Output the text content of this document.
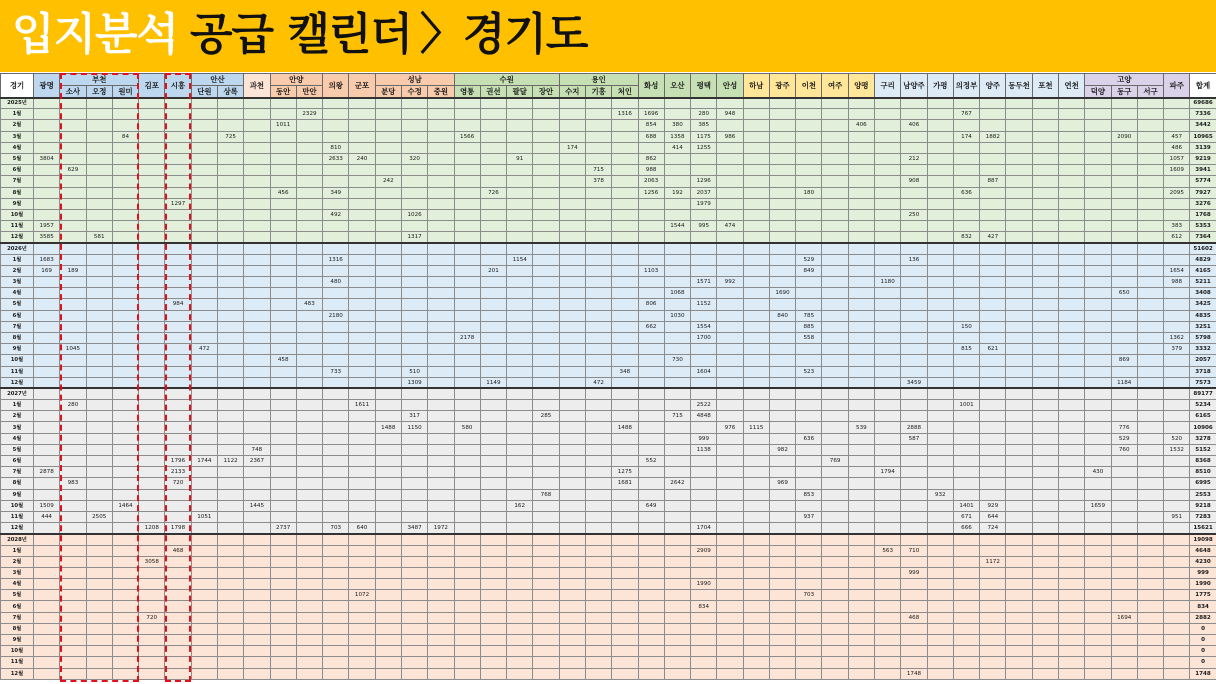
입지분석 공급 캘린더 〉경기도
경기	광명	부천			김포	시흥	안산		과천	안양		의왕	군포	성남			수원				용인			화성	오산	평택	안성	하남	광주	이천	여주	양평	구리	남양주	가평	의정부	양주	동두천	포천	연천	고양			파주	합계
		소사	오정	원미			단원	상록		동안	만안			분당	수정	중원	영통	권선	팔달	장안	수지	기흥	처인																		덕양	동구	서구		
2025년																																													69686
1월											2329												1316	1696		280	948									767									7336
2월										1011														854	380	385						406		406											3442
3월				84				725									1566							688	1358	1175	986									174	1882					2090		457	10965
4월												810									174				414	1255																		486	3139
5월	3804											2633	240		320				91					862										212										1057	9219
6월		629																				715		988																				1609	3941
7월														242								378		2063		1296								908			887								5774
8월										456		349						726						1256	192	2037				180						636								2095	7927
9월						1297																				1979																			3276
10월												492			1026																			250											1768
11월	1957																								1544	995	474																	383	5353
12월	3585		581												1317																					832	427							612	7364
2026년																																													51602
1월	1683											1316							1154											529				136											4829
2월	169	189																201						1103						849														1654	4165
3월												480														1571	992						1180											988	5211
4월																									1068				1690													650			3408
5월						984					483													806		1152																			3425
6월												2180													1030				840	785															4835
7월																								662		1554				885						150									3251
8월																	2178									1700				558														1362	5798
9월		1045					472																													815	621							379	3332
10월										458															730																	869			2057
11월												733			510								348			1604				523															3718
12월															1309			1149				472												3459								1184			7573
2027년																																													89177
1월		280											1611													2522										1001									5234
2월															317					285					715	4848																			6165
3월														1488	1150		580						1488				976	1115				539		2888								776			10906
4월																										999				636				587								529		520	3278
5월									748																	1138			982													760		1532	5152
6월						1796	1744	1122	2367															552							769														8368
7월	2878					2133																	1275										1794								430				8510
8월		983				720																	1681		2642				969																6995
9월																				768										853					932										2553
10월	1509			1464					1445										162					649												1401	929				1659				9218
11월	444		2505				1051																							937						671	644							951	7283
12월					1208	1798				2737		703	640		3487	1972										1704										666	724								15621
2028년																																													19098
1월						468																				2909							563	710											4648
2월					3058																																1172								4230
3월																																		999											999
4월																										1990																			1990
5월													1072																	703															1775
6월																										834																			834
7월					720																													468								1694			2882
8월																																													0
9월																																													0
10월																																													0
11월																																													0
12월																																		1748											1748
